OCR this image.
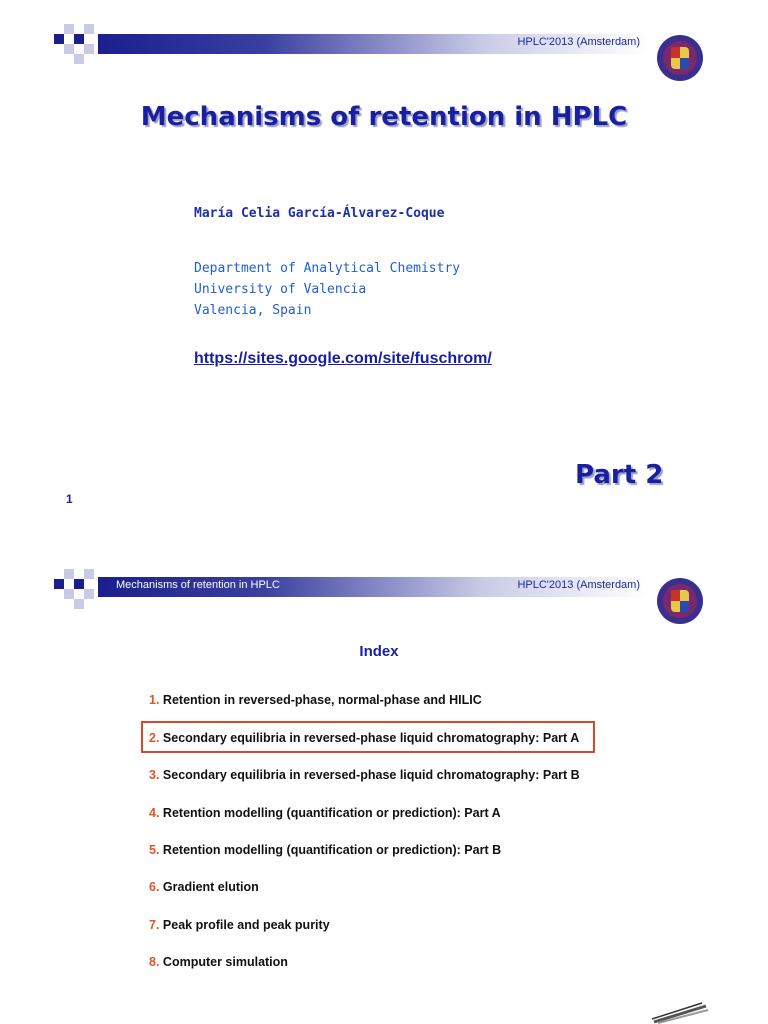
HPLC'2013 (Amsterdam)
Mechanisms of retention in HPLC
María Celia García-Álvarez-Coque
Department of Analytical Chemistry
University of Valencia
Valencia, Spain
https://sites.google.com/site/fuschrom/
Part 2
1
Mechanisms of retention in HPLC	HPLC'2013 (Amsterdam)
Index
1. Retention in reversed-phase, normal-phase and HILIC
2. Secondary equilibria in reversed-phase liquid chromatography: Part A
3. Secondary equilibria in reversed-phase liquid chromatography: Part B
4. Retention modelling (quantification or prediction): Part A
5. Retention modelling (quantification or prediction): Part B
6. Gradient elution
7. Peak profile and peak purity
8. Computer simulation
